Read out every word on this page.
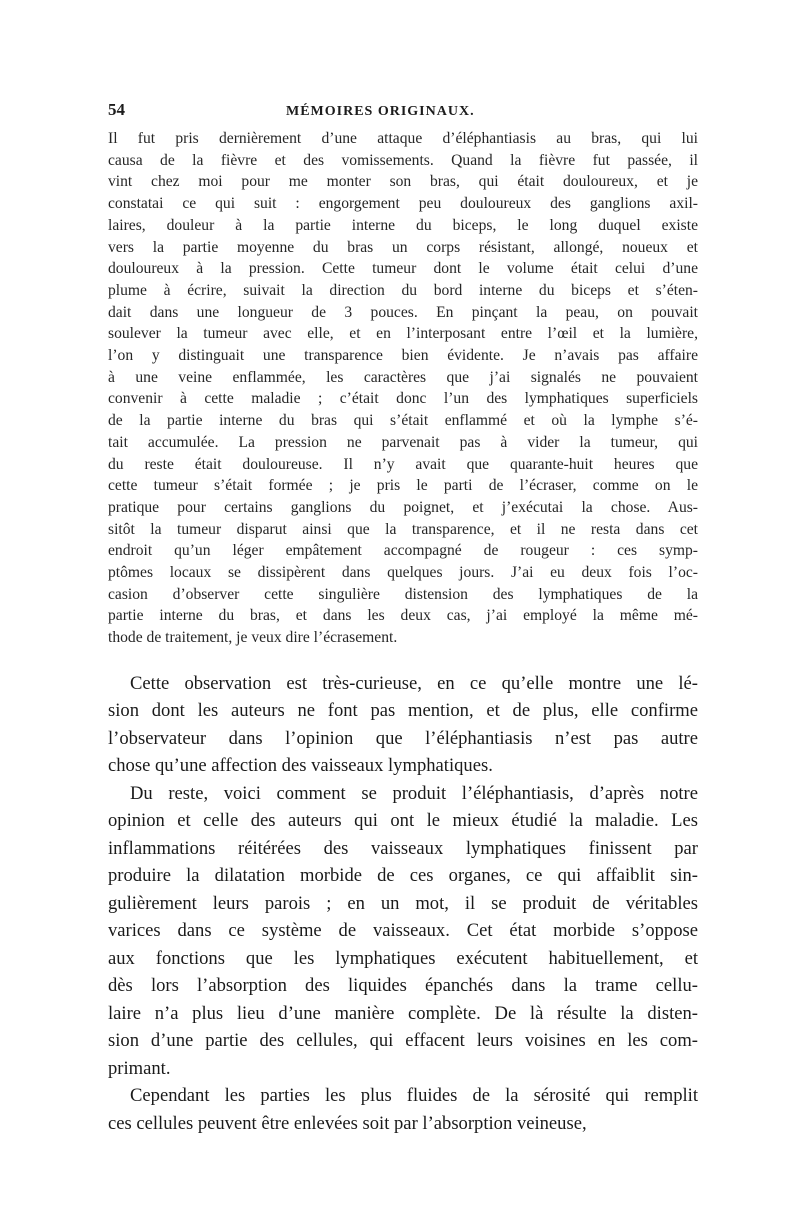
54	MÉMOIRES ORIGINAUX.
Il fut pris dernièrement d’une attaque d’éléphantiasis au bras, qui lui
causa de la fièvre et des vomissements. Quand la fièvre fut passée, il
vint chez moi pour me monter son bras, qui était douloureux, et je
constatai ce qui suit : engorgement peu douloureux des ganglions axil-
laires, douleur à la partie interne du biceps, le long duquel existe
vers la partie moyenne du bras un corps résistant, allongé, noueux et
douloureux à la pression. Cette tumeur dont le volume était celui d’une
plume à écrire, suivait la direction du bord interne du biceps et s’éten-
dait dans une longueur de 3 pouces. En pinçant la peau, on pouvait
soulever la tumeur avec elle, et en l’interposant entre l’œil et la lumière,
l’on y distinguait une transparence bien évidente. Je n’avais pas affaire
à une veine enflammée, les caractères que j’ai signalés ne pouvaient
convenir à cette maladie ; c’était donc l’un des lymphatiques superficiels
de la partie interne du bras qui s’était enflammé et où la lymphe s’é-
tait accumulée. La pression ne parvenait pas à vider la tumeur, qui
du reste était douloureuse. Il n’y avait que quarante-huit heures que
cette tumeur s’était formée ; je pris le parti de l’écraser, comme on le
pratique pour certains ganglions du poignet, et j’exécutai la chose. Aus-
sitôt la tumeur disparut ainsi que la transparence, et il ne resta dans cet
endroit qu’un léger empâtement accompagné de rougeur : ces symp-
ptômes locaux se dissipèrent dans quelques jours. J’ai eu deux fois l’oc-
casion d’observer cette singulière distension des lymphatiques de la
partie interne du bras, et dans les deux cas, j’ai employé la même mé-
thode de traitement, je veux dire l’écrasement.
Cette observation est très-curieuse, en ce qu’elle montre une lé-
sion dont les auteurs ne font pas mention, et de plus, elle confirme
l’observateur dans l’opinion que l’éléphantiasis n’est pas autre
chose qu’une affection des vaisseaux lymphatiques.
Du reste, voici comment se produit l’éléphantiasis, d’après notre
opinion et celle des auteurs qui ont le mieux étudié la maladie. Les
inflammations réitérées des vaisseaux lymphatiques finissent par
produire la dilatation morbide de ces organes, ce qui affaiblit sin-
gulièrement leurs parois ; en un mot, il se produit de véritables
varices dans ce système de vaisseaux. Cet état morbide s’oppose
aux fonctions que les lymphatiques exécutent habituellement, et
dès lors l’absorption des liquides épanchés dans la trame cellu-
laire n’a plus lieu d’une manière complète. De là résulte la disten-
sion d’une partie des cellules, qui effacent leurs voisines en les com-
primant.
Cependant les parties les plus fluides de la sérosité qui remplit
ces cellules peuvent être enlevées soit par l’absorption veineuse,
